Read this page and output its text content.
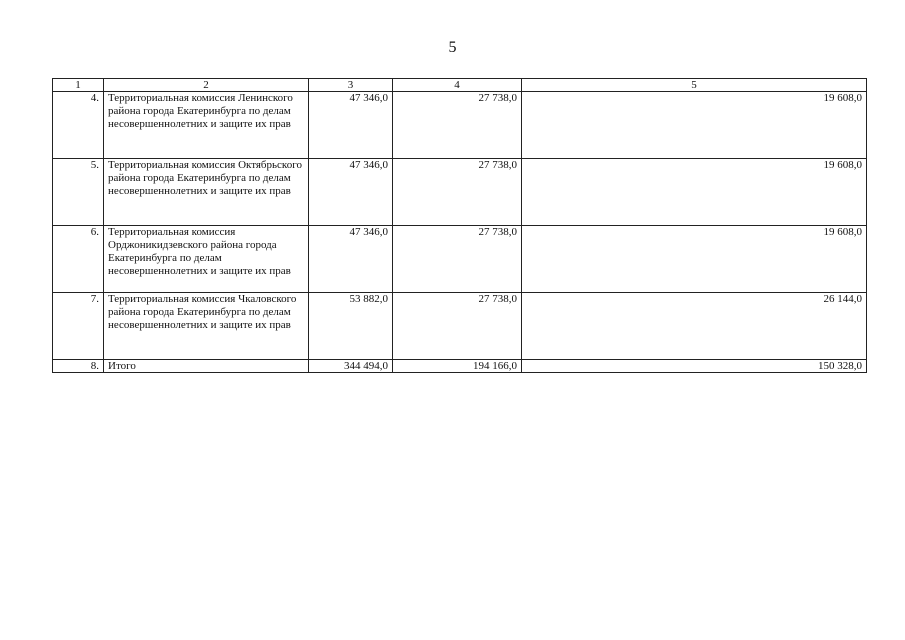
5
1	2	3	4	5
4.	Территориальная комиссия Ленинского района города Екатеринбурга по делам несовершеннолетних и защите их прав	47 346,0	27 738,0	19 608,0
5.	Территориальная комиссия Октябрьского района города Екатеринбурга по делам несовершеннолетних и защите их прав	47 346,0	27 738,0	19 608,0
6.	Территориальная комиссия Орджоникидзевского района города Екатеринбурга по делам несовершеннолетних и защите их прав	47 346,0	27 738,0	19 608,0
7.	Территориальная комиссия Чкаловского района города Екатеринбурга по делам несовершеннолетних и защите их прав	53 882,0	27 738,0	26 144,0
8.	Итого	344 494,0	194 166,0	150 328,0
